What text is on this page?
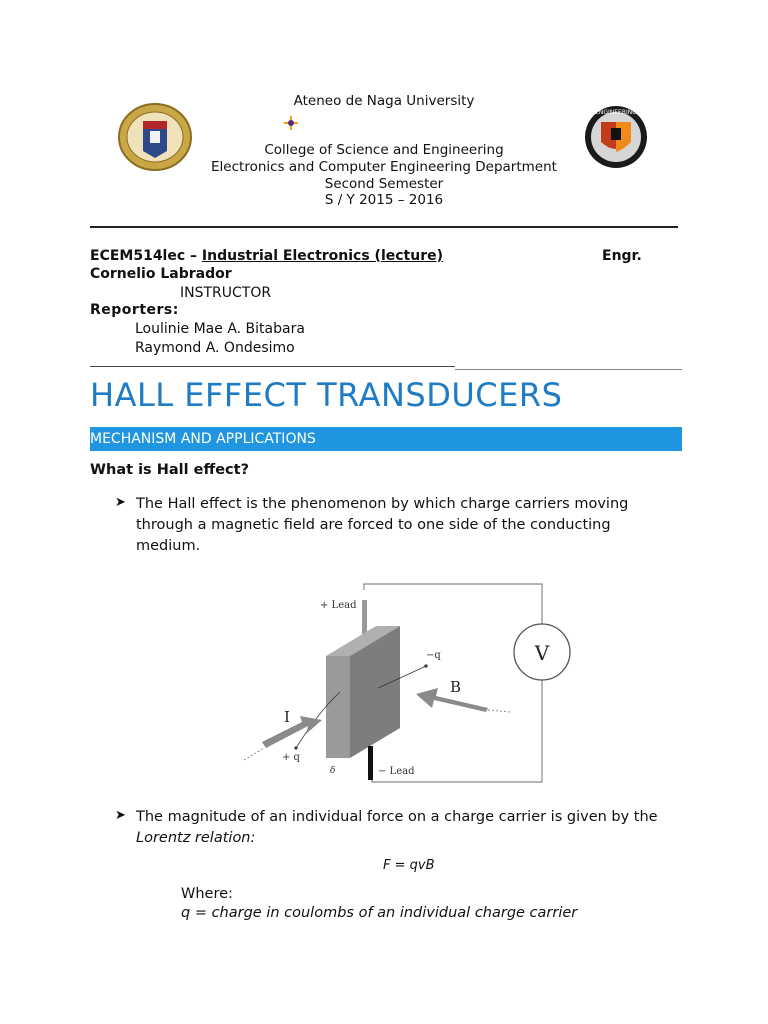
ENGINEERING
Ateneo de Naga University
College of Science and Engineering
Electronics and Computer Engineering Department
Second Semester
S / Y 2015 – 2016
ECEM514lec – Industrial Electronics (lecture)	Engr.
Cornelio Labrador
INSTRUCTOR
Reporters:
Loulinie Mae A. Bitabara
Raymond A. Ondesimo
HALL EFFECT TRANSDUCERS
MECHANISM AND APPLICATIONS
What is Hall effect?
➤ The Hall effect is the phenomenon by which charge carriers moving
through a magnetic field are forced to one side of the conducting
medium.
V
+ Lead
− Lead
−q
+ q
δ
B
I
➤ The magnitude of an individual force on a charge carrier is given by the
Lorentz relation:
F = qvB
Where:
q = charge in coulombs of an individual charge carrier
